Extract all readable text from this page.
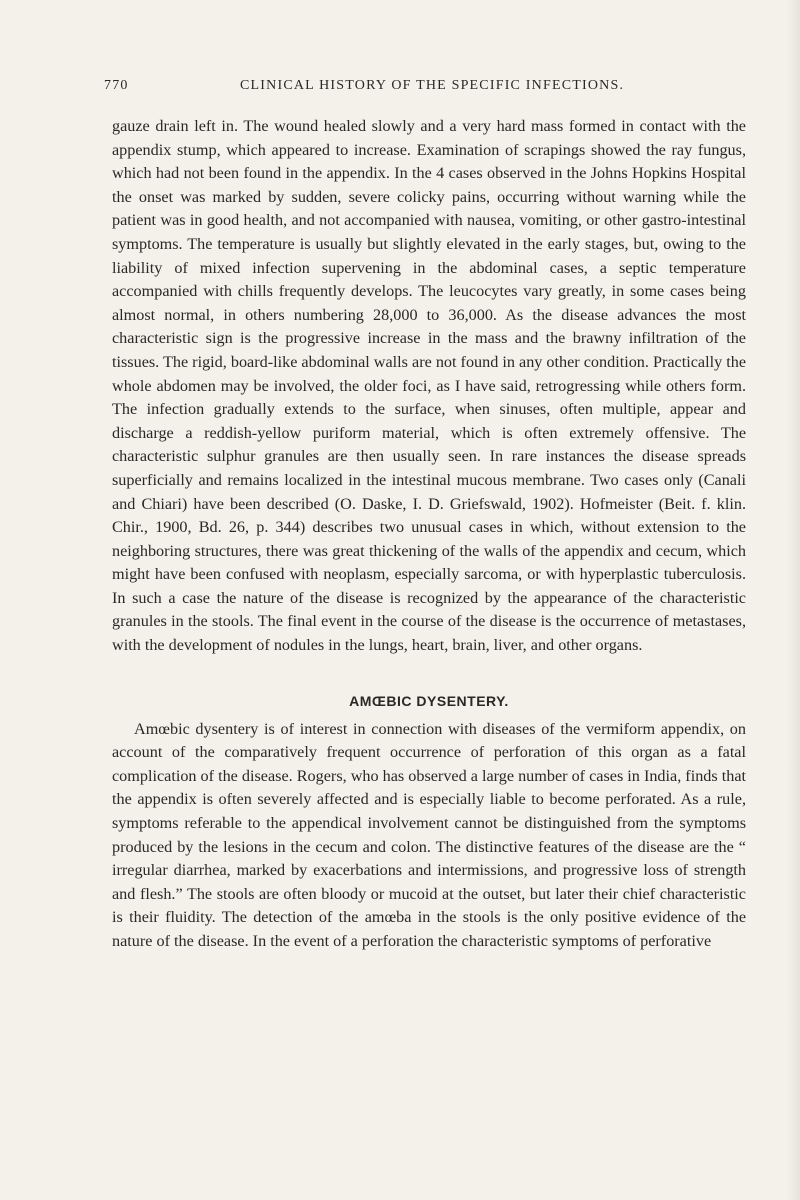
770	CLINICAL HISTORY OF THE SPECIFIC INFECTIONS.

gauze drain left in. The wound healed slowly and a very hard mass formed in contact with the appendix stump, which appeared to increase. Examination of scrapings showed the ray fungus, which had not been found in the appendix. In the 4 cases observed in the Johns Hopkins Hospital the onset was marked by sudden, severe colicky pains, occurring without warning while the patient was in good health, and not accompanied with nausea, vomiting, or other gastro-intestinal symptoms. The temperature is usually but slightly elevated in the early stages, but, owing to the liability of mixed infection supervening in the abdominal cases, a septic temperature accompanied with chills frequently develops. The leucocytes vary greatly, in some cases being almost normal, in others numbering 28,000 to 36,000. As the disease advances the most characteristic sign is the progressive increase in the mass and the brawny infiltration of the tissues. The rigid, board-like abdominal walls are not found in any other condition. Practically the whole abdomen may be involved, the older foci, as I have said, retrogressing while others form. The infection gradually extends to the surface, when sinuses, often multiple, appear and discharge a reddish-yellow puriform material, which is often extremely offensive. The characteristic sulphur granules are then usually seen. In rare instances the disease spreads superficially and remains localized in the intestinal mucous membrane. Two cases only (Canali and Chiari) have been described (O. Daske, I. D. Griefswald, 1902). Hofmeister (Beit. f. klin. Chir., 1900, Bd. 26, p. 344) describes two unusual cases in which, without extension to the neighboring structures, there was great thickening of the walls of the appendix and cecum, which might have been confused with neoplasm, especially sarcoma, or with hyperplastic tuberculosis. In such a case the nature of the disease is recognized by the appearance of the characteristic granules in the stools. The final event in the course of the disease is the occurrence of metastases, with the development of nodules in the lungs, heart, brain, liver, and other organs.

AMŒBIC DYSENTERY.

Amœbic dysentery is of interest in connection with diseases of the vermiform appendix, on account of the comparatively frequent occurrence of perforation of this organ as a fatal complication of the disease. Rogers, who has observed a large number of cases in India, finds that the appendix is often severely affected and is especially liable to become perforated. As a rule, symptoms referable to the appendical involvement cannot be distinguished from the symptoms produced by the lesions in the cecum and colon. The distinctive features of the disease are the “ irregular diarrhea, marked by exacerbations and intermissions, and progressive loss of strength and flesh.” The stools are often bloody or mucoid at the outset, but later their chief characteristic is their fluidity. The detection of the amœba in the stools is the only positive evidence of the nature of the disease. In the event of a perforation the characteristic symptoms of perforative
